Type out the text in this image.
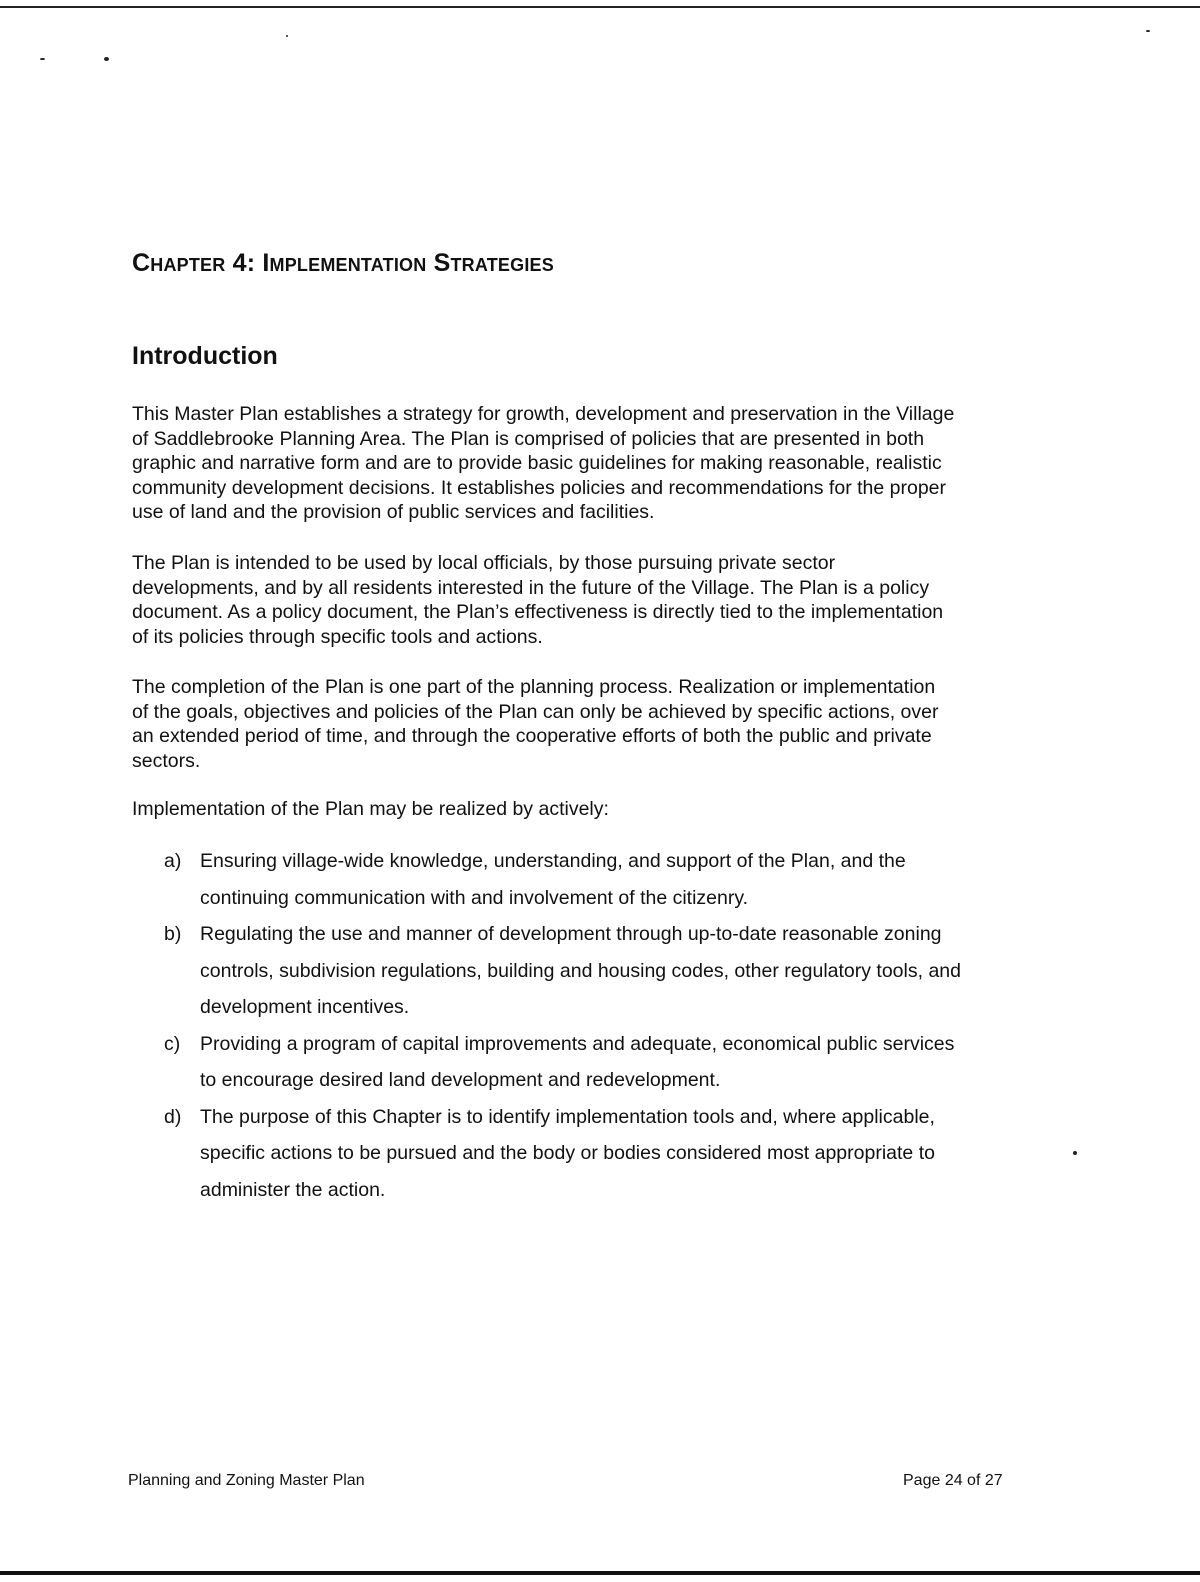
Chapter 4: Implementation Strategies
Introduction

This Master Plan establishes a strategy for growth, development and preservation in the Village
of Saddlebrooke Planning Area. The Plan is comprised of policies that are presented in both
graphic and narrative form and are to provide basic guidelines for making reasonable, realistic
community development decisions. It establishes policies and recommendations for the proper
use of land and the provision of public services and facilities.

The Plan is intended to be used by local officials, by those pursuing private sector
developments, and by all residents interested in the future of the Village. The Plan is a policy
document. As a policy document, the Plan’s effectiveness is directly tied to the implementation
of its policies through specific tools and actions.

The completion of the Plan is one part of the planning process. Realization or implementation
of the goals, objectives and policies of the Plan can only be achieved by specific actions, over
an extended period of time, and through the cooperative efforts of both the public and private
sectors.

Implementation of the Plan may be realized by actively:

a) Ensuring village-wide knowledge, understanding, and support of the Plan, and the
continuing communication with and involvement of the citizenry.
b) Regulating the use and manner of development through up-to-date reasonable zoning
controls, subdivision regulations, building and housing codes, other regulatory tools, and
development incentives.
c) Providing a program of capital improvements and adequate, economical public services
to encourage desired land development and redevelopment.
d) The purpose of this Chapter is to identify implementation tools and, where applicable,
specific actions to be pursued and the body or bodies considered most appropriate to
administer the action.
Planning and Zoning Master Plan	Page 24 of 27
